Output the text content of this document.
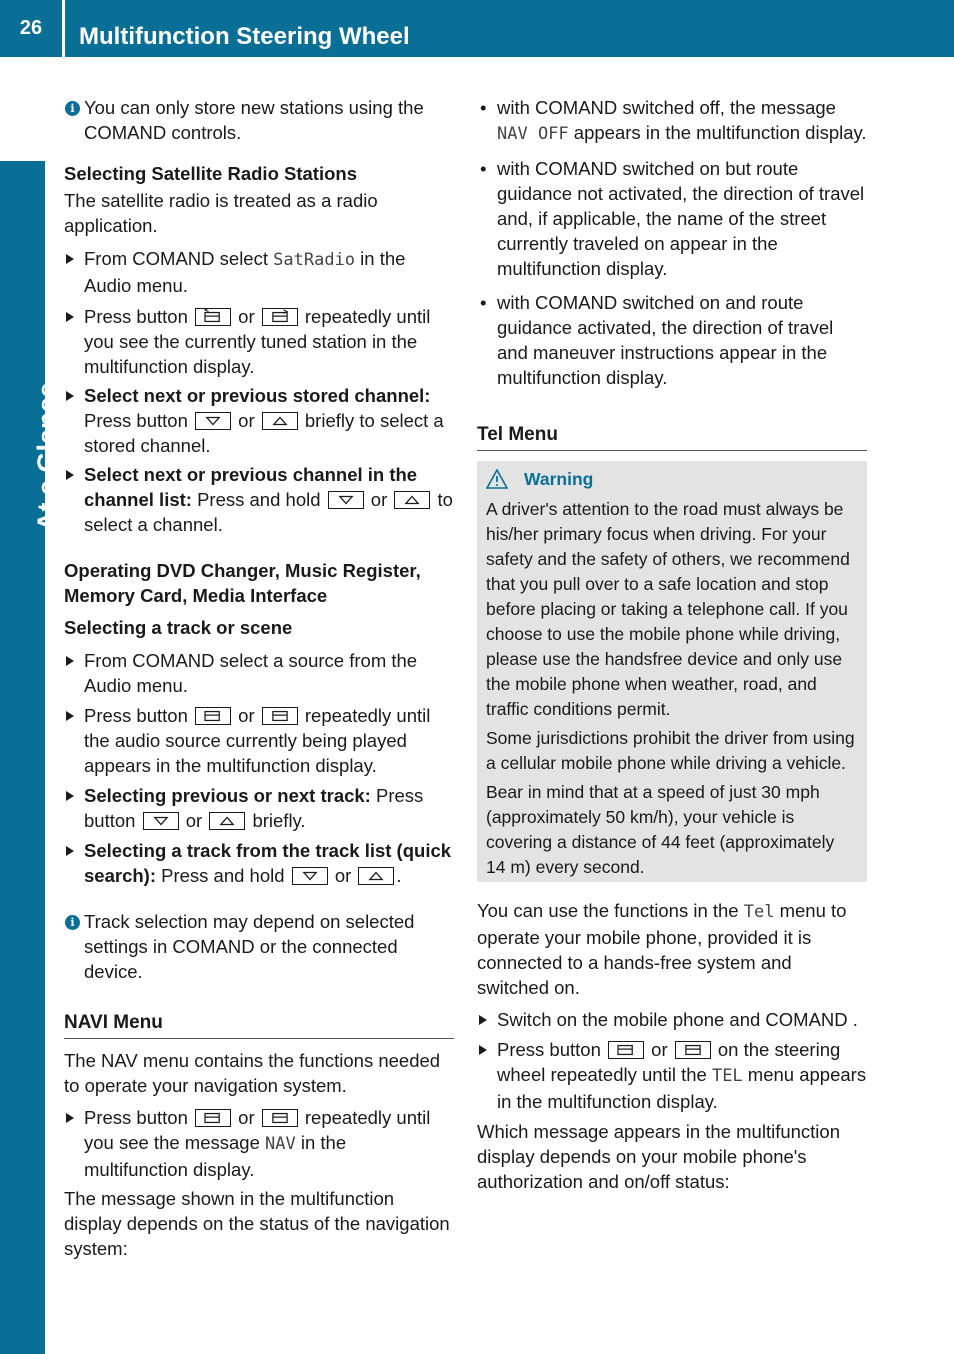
26	Multifunction Steering Wheel
At a Glance

i You can only store new stations using the COMAND controls.

Selecting Satellite Radio Stations

The satellite radio is treated as a radio application.

From COMAND select SatRadio in the Audio menu.

Press button
or
repeatedly until you see the currently tuned station in the multifunction display.

Select next or previous stored channel: Press button
or
briefly to select a stored channel.

Select next or previous channel in the channel list: Press and hold
or
to select a channel.

Operating DVD Changer, Music Register, Memory Card, Media Interface

Selecting a track or scene

From COMAND select a source from the Audio menu.

Press button
or
repeatedly until the audio source currently being played appears in the multifunction display.

Selecting previous or next track: Press button
or
briefly.

Selecting a track from the track list (quick search): Press and hold
or
.

i Track selection may depend on selected settings in COMAND or the connected device.

NAVI Menu

The NAV menu contains the functions needed to operate your navigation system.

Press button
or
repeatedly until you see the message NAV in the multifunction display.

The message shown in the multifunction display depends on the status of the navigation system:

• with COMAND switched off, the message NAV OFF appears in the multifunction display.

• with COMAND switched on but route guidance not activated, the direction of travel and, if applicable, the name of the street currently traveled on appear in the multifunction display.

• with COMAND switched on and route guidance activated, the direction of travel and maneuver instructions appear in the multifunction display.

Tel Menu

Warning

A driver's attention to the road must always be his/her primary focus when driving. For your safety and the safety of others, we recommend that you pull over to a safe location and stop before placing or taking a telephone call. If you choose to use the mobile phone while driving, please use the handsfree device and only use the mobile phone when weather, road, and traffic conditions permit.

Some jurisdictions prohibit the driver from using a cellular mobile phone while driving a vehicle.

Bear in mind that at a speed of just 30 mph (approximately 50 km/h), your vehicle is covering a distance of 44 feet (approximately 14 m) every second.

You can use the functions in the Tel menu to operate your mobile phone, provided it is connected to a hands-free system and switched on.

Switch on the mobile phone and COMAND .

Press button
or
on the steering wheel repeatedly until the TEL menu appears in the multifunction display.

Which message appears in the multifunction display depends on your mobile phone's authorization and on/off status:
